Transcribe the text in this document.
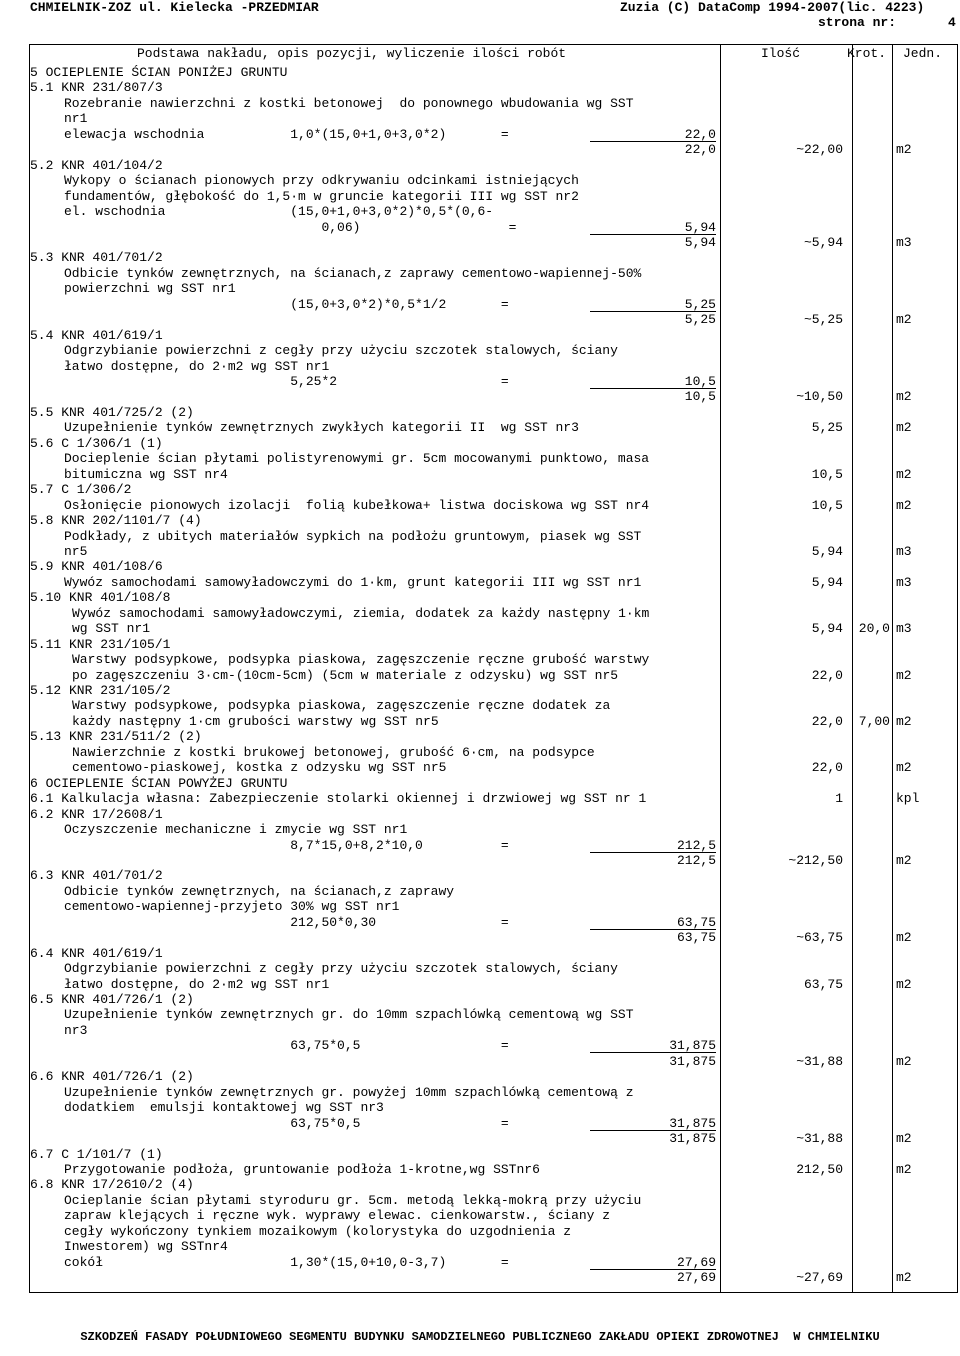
CHMIELNIK-ZOZ ul. Kielecka -PRZEDMIAR	Zuzia (C) DataComp 1994-2007(lic. 4223)
strona nr:	4
Podstawa nakładu, opis pozycji, wyliczenie ilości robót	Ilość	Krot. Jedn.
5 OCIEPLENIE ŚCIAN PONIŻEJ GRUNTU
5.1 KNR 231/807/3
Rozebranie nawierzchni z kostki betonowej  do ponownego wbudowania wg SST
nr1
elewacja wschodnia           1,0*(15,0+1,0+3,0*2)       =	22,0
22,0	~22,00	m2
5.2 KNR 401/104/2
Wykopy o ścianach pionowych przy odkrywaniu odcinkami istniejących
fundamentów, głębokość do 1,5·m w gruncie kategorii III wg SST nr2
el. wschodnia                (15,0+1,0+3,0*2)*0,5*(0,6-
0,06)                   =	5,94
5,94	~5,94	m3
5.3 KNR 401/701/2
Odbicie tynków zewnętrznych, na ścianach,z zaprawy cementowo-wapiennej-50%
powierzchni wg SST nr1
(15,0+3,0*2)*0,5*1/2       =	5,25
5,25	~5,25	m2
5.4 KNR 401/619/1
Odgrzybianie powierzchni z cegły przy użyciu szczotek stalowych, ściany
łatwo dostępne, do 2·m2 wg SST nr1
5,25*2                     =	10,5
10,5	~10,50	m2
5.5 KNR 401/725/2 (2)
Uzupełnienie tynków zewnętrznych zwykłych kategorii II  wg SST nr3	5,25	m2
5.6 C 1/306/1 (1)
Docieplenie ścian płytami polistyrenowymi gr. 5cm mocowanymi punktowo, masa
bitumiczna wg SST nr4	10,5	m2
5.7 C 1/306/2
Osłonięcie pionowych izolacji  folią kubełkowa+ listwa dociskowa wg SST nr4	10,5	m2
5.8 KNR 202/1101/7 (4)
Podkłady, z ubitych materiałów sypkich na podłożu gruntowym, piasek wg SST
nr5	5,94	m3
5.9 KNR 401/108/6
Wywóz samochodami samowyładowczymi do 1·km, grunt kategorii III wg SST nr1	5,94	m3
5.10 KNR 401/108/8
Wywóz samochodami samowyładowczymi, ziemia, dodatek za każdy następny 1·km
wg SST nr1	5,94	20,0 m3
5.11 KNR 231/105/1
Warstwy podsypkowe, podsypka piaskowa, zagęszczenie ręczne grubość warstwy
po zagęszczeniu 3·cm-(10cm-5cm) (5cm w materiale z odzysku) wg SST nr5	22,0	m2
5.12 KNR 231/105/2
Warstwy podsypkowe, podsypka piaskowa, zagęszczenie ręczne dodatek za
każdy następny 1·cm grubości warstwy wg SST nr5	22,0	7,00 m2
5.13 KNR 231/511/2 (2)
Nawierzchnie z kostki brukowej betonowej, grubość 6·cm, na podsypce
cementowo-piaskowej, kostka z odzysku wg SST nr5	22,0	m2
6 OCIEPLENIE ŚCIAN POWYŻEJ GRUNTU
6.1 Kalkulacja własna: Zabezpieczenie stolarki okiennej i drzwiowej wg SST nr 1	1	kpl
6.2 KNR 17/2608/1
Oczyszczenie mechaniczne i zmycie wg SST nr1
8,7*15,0+8,2*10,0          =	212,5
212,5	~212,50	m2
6.3 KNR 401/701/2
Odbicie tynków zewnętrznych, na ścianach,z zaprawy
cementowo-wapiennej-przyjeto 30% wg SST nr1
212,50*0,30                =	63,75
63,75	~63,75	m2
6.4 KNR 401/619/1
Odgrzybianie powierzchni z cegły przy użyciu szczotek stalowych, ściany
łatwo dostępne, do 2·m2 wg SST nr1	63,75	m2
6.5 KNR 401/726/1 (2)
Uzupełnienie tynków zewnętrznych gr. do 10mm szpachlówką cementową wg SST
nr3
63,75*0,5                  =	31,875
31,875	~31,88	m2
6.6 KNR 401/726/1 (2)
Uzupełnienie tynków zewnętrznych gr. powyżej 10mm szpachlówką cementową z
dodatkiem  emulsji kontaktowej wg SST nr3
63,75*0,5                  =	31,875
31,875	~31,88	m2
6.7 C 1/101/7 (1)
Przygotowanie podłoża, gruntowanie podłoża 1-krotne,wg SSTnr6	212,50	m2
6.8 KNR 17/2610/2 (4)
Ocieplanie ścian płytami styroduru gr. 5cm. metodą lekką-mokrą przy użyciu
zapraw klejących i ręczne wyk. wyprawy elewac. cienkowarstw., ściany z
cegły wykończony tynkiem mozaikowym (kolorystyka do uzgodnienia z
Inwestorem) wg SSTnr4
cokół                        1,30*(15,0+10,0-3,7)       =	27,69
27,69	~27,69	m2
SZKODZEŃ FASADY POŁUDNIOWEGO SEGMENTU BUDYNKU SAMODZIELNEGO PUBLICZNEGO ZAKŁADU OPIEKI ZDROWOTNEJ  W CHMIELNIKU
